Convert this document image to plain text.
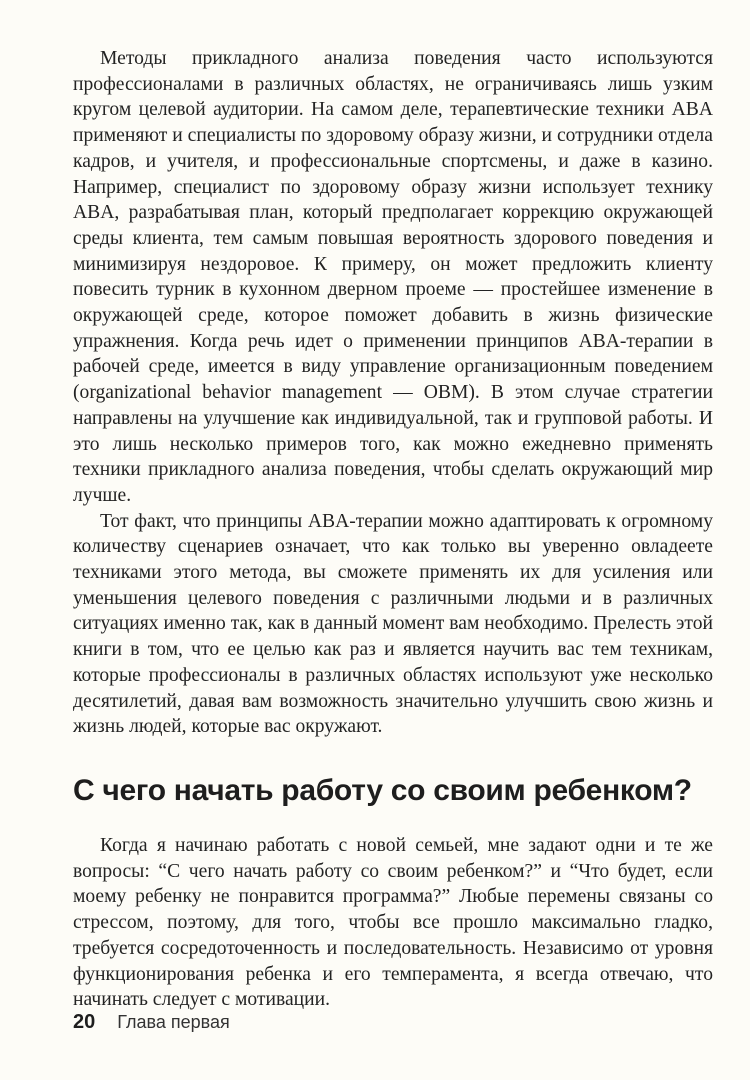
Методы прикладного анализа поведения часто используются профессионалами в различных областях, не ограничиваясь лишь узким кругом целевой аудитории. На самом деле, терапевтические техники ABA применяют и специалисты по здоровому образу жизни, и сотрудники отдела кадров, и учителя, и профессиональные спортсмены, и даже в казино. Например, специалист по здоровому образу жизни использует технику ABA, разрабатывая план, который предполагает коррекцию окружающей среды клиента, тем самым повышая вероятность здорового поведения и минимизируя нездоровое. К примеру, он может предложить клиенту повесить турник в кухонном дверном проеме — простейшее изменение в окружающей среде, которое поможет добавить в жизнь физические упражнения. Когда речь идет о применении принципов ABA-терапии в рабочей среде, имеется в виду управление организационным поведением (organizational behavior management — OBM). В этом случае стратегии направлены на улучшение как индивидуальной, так и групповой работы. И это лишь несколько примеров того, как можно ежедневно применять техники прикладного анализа поведения, чтобы сделать окружающий мир лучше.

Тот факт, что принципы ABA-терапии можно адаптировать к огромному количеству сценариев означает, что как только вы уверенно овладеете техниками этого метода, вы сможете применять их для усиления или уменьшения целевого поведения с различными людьми и в различных ситуациях именно так, как в данный момент вам необходимо. Прелесть этой книги в том, что ее целью как раз и является научить вас тем техникам, которые профессионалы в различных областях используют уже несколько десятилетий, давая вам возможность значительно улучшить свою жизнь и жизнь людей, которые вас окружают.

С чего начать работу со своим ребенком?

Когда я начинаю работать с новой семьей, мне задают одни и те же вопросы: “С чего начать работу со своим ребенком?” и “Что будет, если моему ребенку не понравится программа?” Любые перемены связаны со стрессом, поэтому, для того, чтобы все прошло максимально гладко, требуется сосредоточенность и последовательность. Независимо от уровня функционирования ребенка и его темперамента, я всегда отвечаю, что начинать следует с мотивации.

20 Глава первая
